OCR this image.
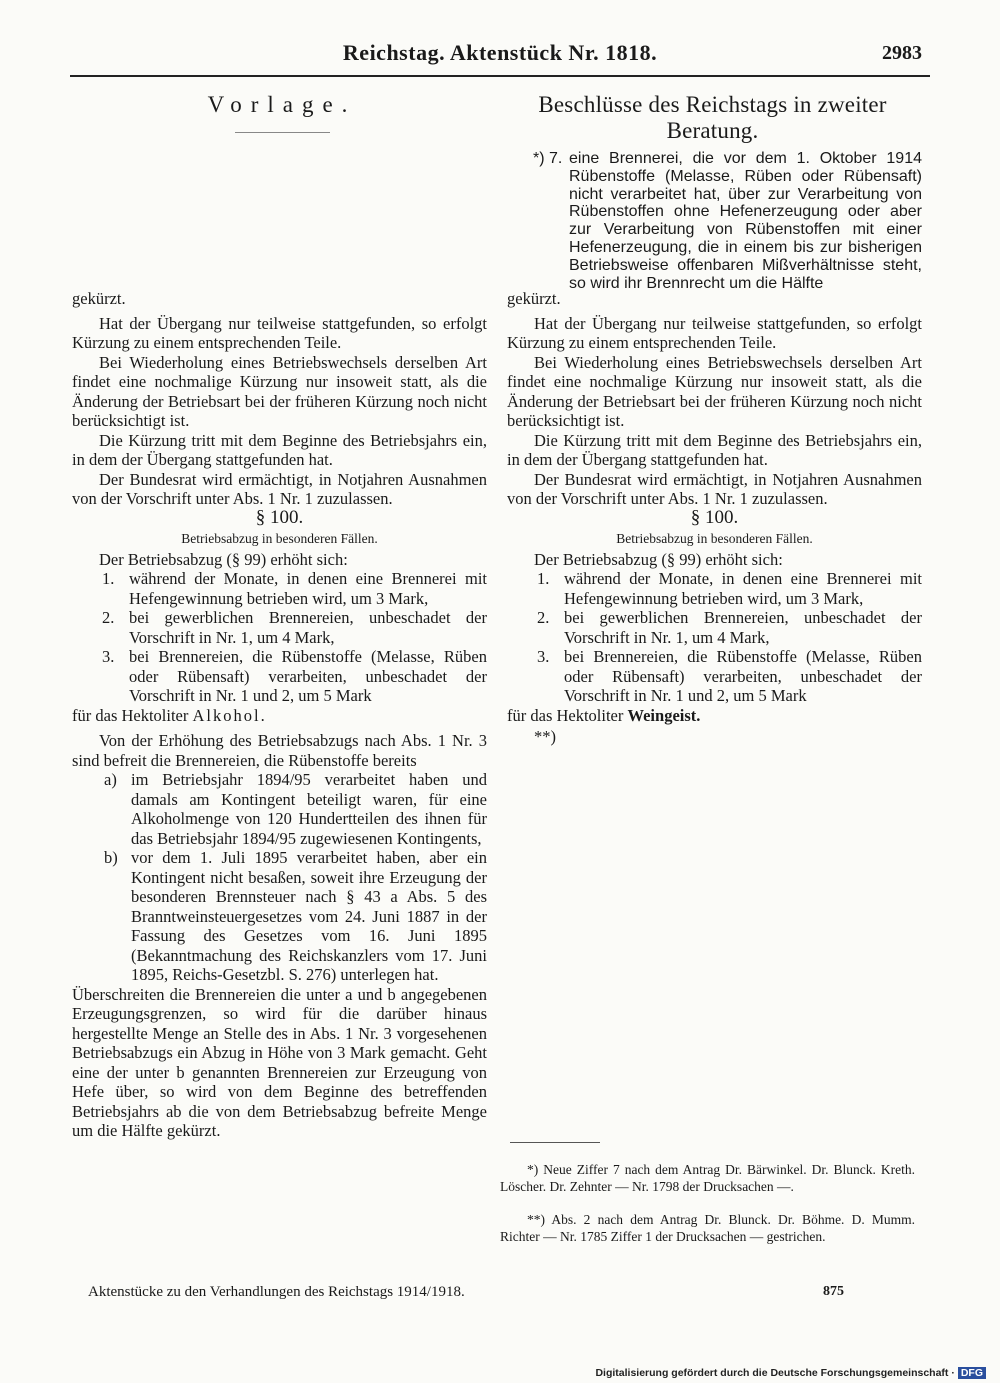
Reichstag. Aktenstück Nr. 1818.	2983
Vorlage.	Beschlüsse des Reichstags in zweiter Beratung.
*) 7. eine Brennerei, die vor dem 1. Oktober 1914 Rübenstoffe (Melasse, Rüben oder Rübensaft) nicht verarbeitet hat, über zur Verarbeitung von Rübenstoffen ohne Hefenerzeugung oder aber zur Verarbeitung von Rübenstoffen mit einer Hefenerzeugung, die in einem bis zur bisherigen Betriebsweise offenbaren Mißverhältnisse steht, so wird ihr Brennrecht um die Hälfte

gekürzt.

Hat der Übergang nur teilweise stattgefunden, so erfolgt Kürzung zu einem entsprechenden Teile.

Bei Wiederholung eines Betriebswechsels derselben Art findet eine nochmalige Kürzung nur insoweit statt, als die Änderung der Betriebsart bei der früheren Kürzung noch nicht berücksichtigt ist.

Die Kürzung tritt mit dem Beginne des Betriebsjahrs ein, in dem der Übergang stattgefunden hat.

Der Bundesrat wird ermächtigt, in Notjahren Ausnahmen von der Vorschrift unter Abs. 1 Nr. 1 zuzulassen.

gekürzt.

Hat der Übergang nur teilweise stattgefunden, so erfolgt Kürzung zu einem entsprechenden Teile.

Bei Wiederholung eines Betriebswechsels derselben Art findet eine nochmalige Kürzung nur insoweit statt, als die Änderung der Betriebsart bei der früheren Kürzung noch nicht berücksichtigt ist.

Die Kürzung tritt mit dem Beginne des Betriebsjahrs ein, in dem der Übergang stattgefunden hat.

Der Bundesrat wird ermächtigt, in Notjahren Ausnahmen von der Vorschrift unter Abs. 1 Nr. 1 zuzulassen.

§ 100.
Betriebsabzug in besonderen Fällen.

Der Betriebsabzug (§ 99) erhöht sich:

1. während der Monate, in denen eine Brennerei mit Hefengewinnung betrieben wird, um 3 Mark,
2. bei gewerblichen Brennereien, unbeschadet der Vorschrift in Nr. 1, um 4 Mark,
3. bei Brennereien, die Rübenstoffe (Melasse, Rüben oder Rübensaft) verarbeiten, unbeschadet der Vorschrift in Nr. 1 und 2, um 5 Mark

für das Hektoliter Alkohol.

Von der Erhöhung des Betriebsabzugs nach Abs. 1 Nr. 3 sind befreit die Brennereien, die Rübenstoffe bereits

a) im Betriebsjahr 1894/95 verarbeitet haben und damals am Kontingent beteiligt waren, für eine Alkoholmenge von 120 Hundertteilen des ihnen für das Betriebsjahr 1894/95 zugewiesenen Kontingents,
b) vor dem 1. Juli 1895 verarbeitet haben, aber ein Kontingent nicht besaßen, soweit ihre Erzeugung der besonderen Brennsteuer nach § 43 a Abs. 5 des Branntweinsteuergesetzes vom 24. Juni 1887 in der Fassung des Gesetzes vom 16. Juni 1895 (Bekanntmachung des Reichskanzlers vom 17. Juni 1895, Reichs-Gesetzbl. S. 276) unterlegen hat.

Überschreiten die Brennereien die unter a und b angegebenen Erzeugungsgrenzen, so wird für die darüber hinaus hergestellte Menge an Stelle des in Abs. 1 Nr. 3 vorgesehenen Betriebsabzugs ein Abzug in Höhe von 3 Mark gemacht. Geht eine der unter b genannten Brennereien zur Erzeugung von Hefe über, so wird von dem Beginne des betreffenden Betriebsjahrs ab die von dem Betriebsabzug befreite Menge um die Hälfte gekürzt.

§ 100.
Betriebsabzug in besonderen Fällen.

Der Betriebsabzug (§ 99) erhöht sich:

1. während der Monate, in denen eine Brennerei mit Hefengewinnung betrieben wird, um 3 Mark,
2. bei gewerblichen Brennereien, unbeschadet der Vorschrift in Nr. 1, um 4 Mark,
3. bei Brennereien, die Rübenstoffe (Melasse, Rüben oder Rübensaft) verarbeiten, unbeschadet der Vorschrift in Nr. 1 und 2, um 5 Mark

für das Hektoliter Weingeist.

**)

*) Neue Ziffer 7 nach dem Antrag Dr. Bärwinkel. Dr. Blunck. Kreth. Löscher. Dr. Zehnter — Nr. 1798 der Drucksachen —.

**) Abs. 2 nach dem Antrag Dr. Blunck. Dr. Böhme. D. Mumm. Richter — Nr. 1785 Ziffer 1 der Drucksachen — gestrichen.

Aktenstücke zu den Verhandlungen des Reichstags 1914/1918.	875
Digitalisierung gefördert durch die Deutsche Forschungsgemeinschaft · DFG
